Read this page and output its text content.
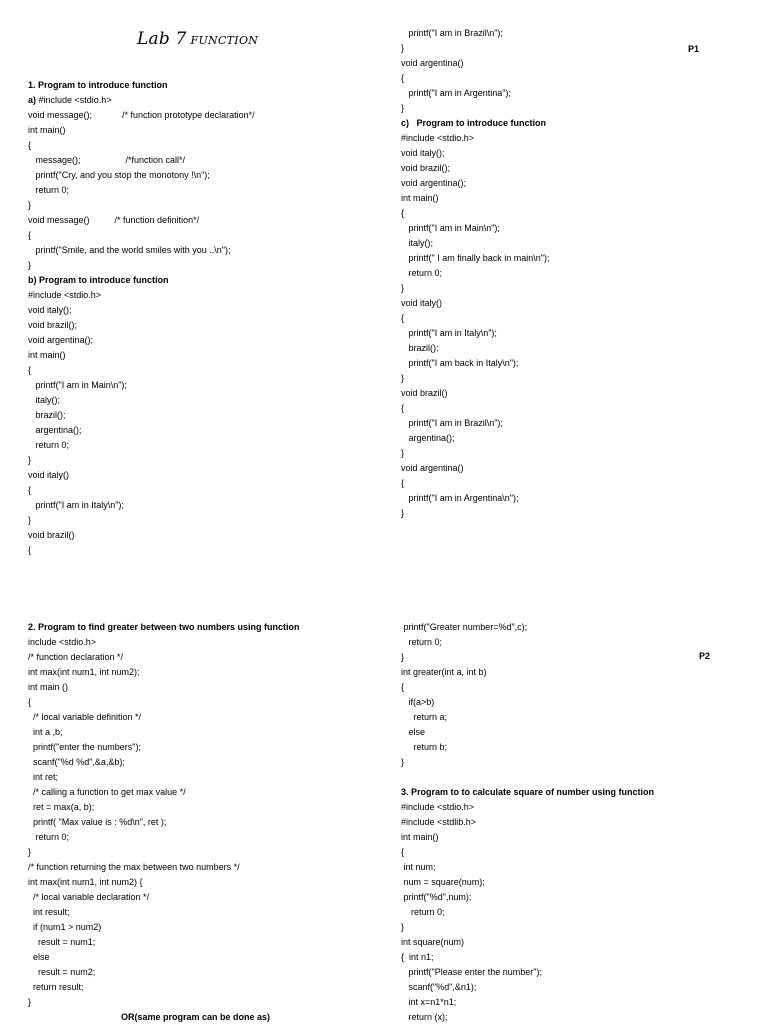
Lab 7 FUNCTION
P1
P2
1. Program to introduce function
a) #include <stdio.h>
void message();            /* function prototype declaration*/
int main()
{
message();                  /*function call*/
printf("Cry, and you stop the monotony !\n");
return 0;
}
void message()          /* function definition*/
{
printf("Smile, and the world smiles with you ..\n");
}
b) Program to introduce function
#include <stdio.h>
void italy();
void brazil();
void argentina();
int main()
{
printf("I am in Main\n");
italy();
brazil();
argentina();
return 0;
}
void italy()
{
printf("I am in Italy\n");
}
void brazil()
{
printf("I am in Brazil\n");
}
void argentina()
{
printf("I am in Argentina");
}
c)   Program to introduce function
#include <stdio.h>
void italy();
void brazil();
void argentina();
int main()
{
printf("I am in Main\n");
italy();
printf(" I am finally back in main\n");
return 0;
}
void italy()
{
printf("I am in Italy\n");
brazil();
printf("I am back in Italy\n");
}
void brazil()
{
printf("I am in Brazil\n");
argentina();
}
void argentina()
{
printf("I am in Argentina\n");
}
2. Program to find greater between two numbers using function
include <stdio.h>
/* function declaration */
int max(int num1, int num2);
int main ()
{
/* local variable definition */
int a ,b;
printf("enter the numbers");
scanf("%d %d",&a,&b);
int ret;
/* calling a function to get max value */
ret = max(a, b);
printf( "Max value is : %d\n", ret );
return 0;
}
/* function returning the max between two numbers */
int max(int num1, int num2) {
/* local variable declaration */
int result;
if (num1 > num2)
result = num1;
else
result = num2;
return result;
}
printf("Greater number=%d",c);
return 0;
}
int greater(int a, int b)
{
if(a>b)
return a;
else
return b;
}
3. Program to to calculate square of number using function
#include <stdio.h>
#include <stdlib.h>
int main()
{
int num;
num = square(num);
printf("%d",num);
return 0;
}
int square(num)
{  int n1;
printf("Please enter the number");
scanf("%d",&n1);
int x=n1*n1;
return (x);
OR(same program can be done as)
